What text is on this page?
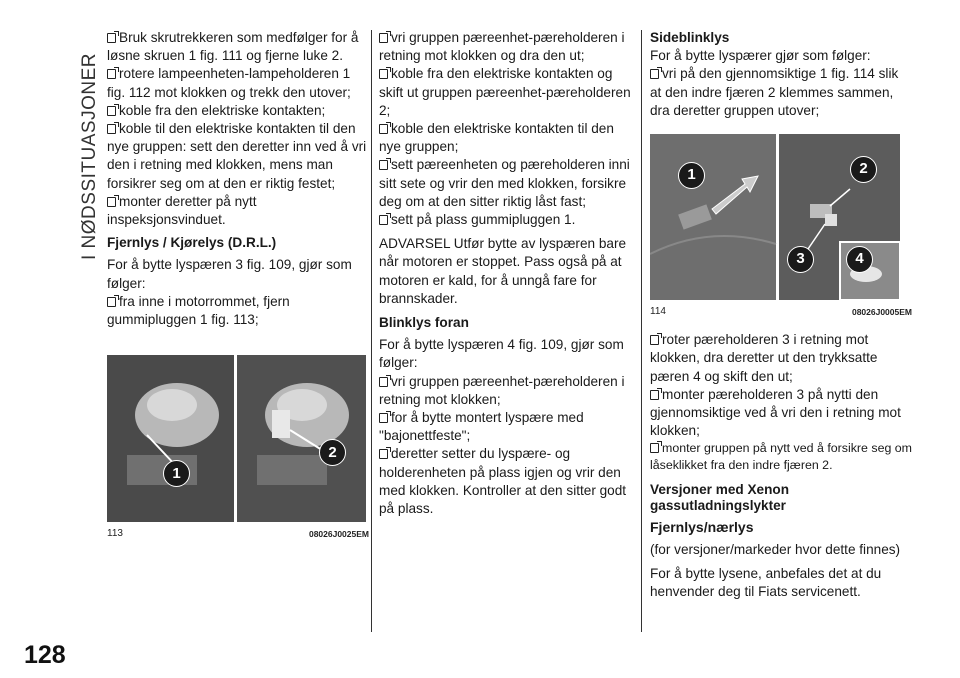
I NØDSSITUASJONER

Bruk skrutrekkeren som medfølger for å løsne skruen 1 fig. 111 og fjerne luke 2.

rotere lampeenheten-lampeholderen 1 fig. 112 mot klokken og trekk den utover;

koble fra den elektriske kontakten;

koble til den elektriske kontakten til den nye gruppen: sett den deretter inn ved å vri den i retning med klokken, mens man forsikrer seg om at den er riktig festet;

monter deretter på nytt inspeksjonsvinduet.

Fjernlys / Kjørelys (D.R.L.)

For å bytte lyspæren 3 fig. 109, gjør som følger:

fra inne i motorrommet, fjern gummipluggen 1 fig. 113;

1
2
113	08026J0025EM

vri gruppen pæreenhet-pæreholderen i retning mot klokken og dra den ut;

koble fra den elektriske kontakten og skift ut gruppen pæreenhet-pæreholderen 2;

koble den elektriske kontakten til den nye gruppen;

sett pæreenheten og pæreholderen inni sitt sete og vrir den med klokken, forsikre deg om at den sitter riktig låst fast;

sett på plass gummipluggen 1.

ADVARSEL Utfør bytte av lyspæren bare når motoren er stoppet. Pass også på at motoren er kald, for å unngå fare for brannskader.

Blinklys foran

For å bytte lyspæren 4 fig. 109, gjør som følger:

vri gruppen pæreenhet-pæreholderen i retning mot klokken;

for å bytte montert lyspære med "bajonettfeste";

deretter setter du lyspære- og holderenheten på plass igjen og vrir den med klokken. Kontroller at den sitter godt på plass.

Sideblinklys

For å bytte lyspærer gjør som følger:

vri på den gjennomsiktige 1 fig. 114 slik at den indre fjæren 2 klemmes sammen, dra deretter gruppen utover;

1	2
3	4
114	08026J0005EM

roter pæreholderen 3 i retning mot klokken, dra deretter ut den trykksatte pæren 4 og skift den ut;

monter pæreholderen 3 på nytti den gjennomsiktige ved å vri den i retning mot klokken;

monter gruppen på nytt ved å forsikre seg om låseklikket fra den indre fjæren 2.

Versjoner med Xenon gassutladningslykter

Fjernlys/nærlys

(for versjoner/markeder hvor dette finnes)

For å bytte lysene, anbefales det at du henvender deg til Fiats servicenett.

128
